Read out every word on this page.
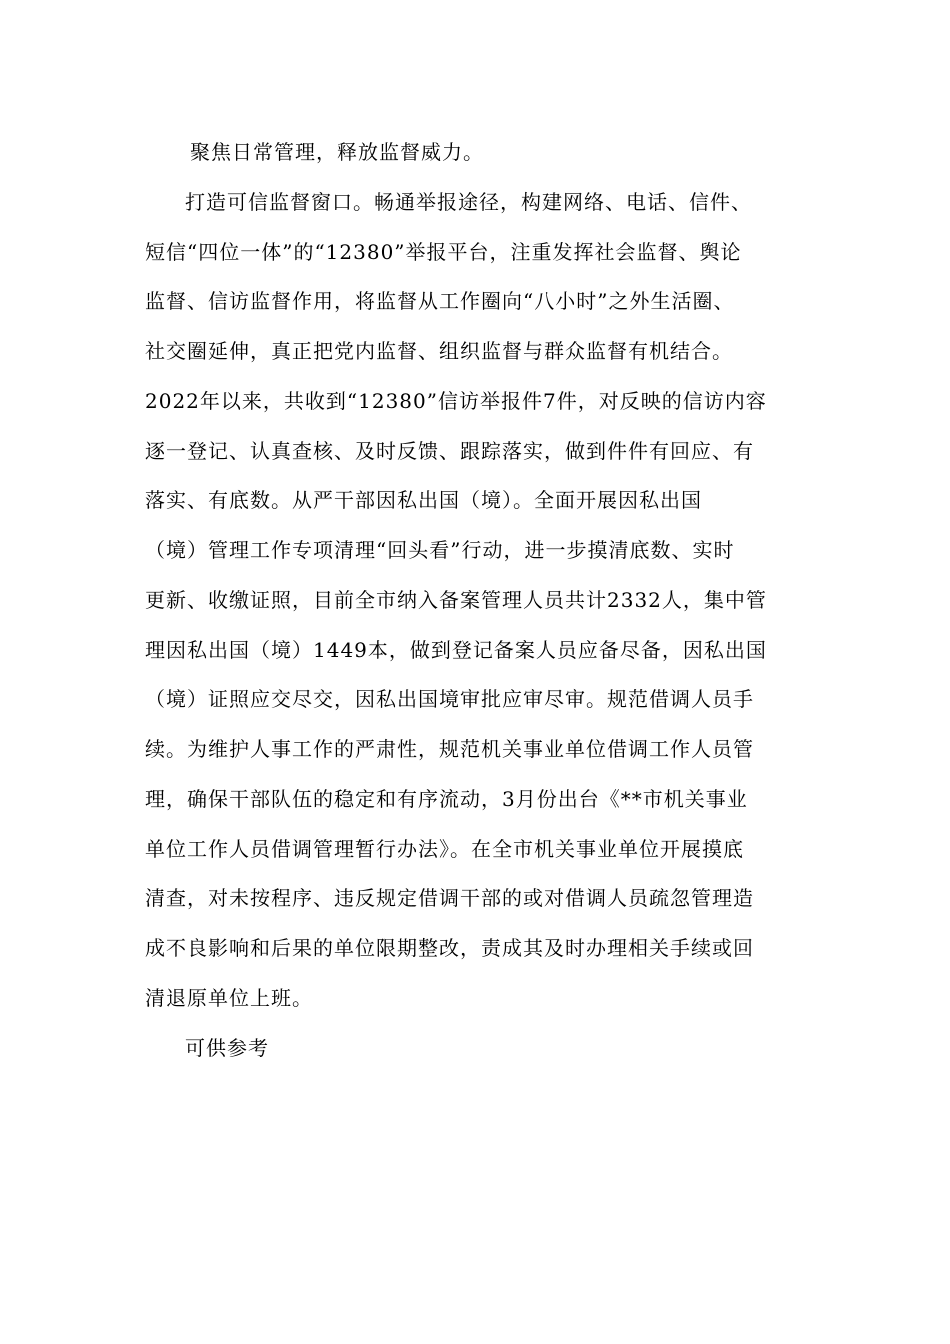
聚焦日常管理，释放监督威力。
打造可信监督窗口。畅通举报途径，构建网络、电话、信件、
短信“四位一体”的“12380”举报平台，注重发挥社会监督、舆论
监督、信访监督作用，将监督从工作圈向“八小时”之外生活圈、
社交圈延伸，真正把党内监督、组织监督与群众监督有机结合。
2022年以来，共收到“12380”信访举报件7件，对反映的信访内容
逐一登记、认真查核、及时反馈、跟踪落实，做到件件有回应、有
落实、有底数。从严干部因私出国（境）。全面开展因私出国
（境）管理工作专项清理“回头看”行动，进一步摸清底数、实时
更新、收缴证照，目前全市纳入备案管理人员共计2332人，集中管
理因私出国（境）1449本，做到登记备案人员应备尽备，因私出国
（境）证照应交尽交，因私出国境审批应审尽审。规范借调人员手
续。为维护人事工作的严肃性，规范机关事业单位借调工作人员管
理，确保干部队伍的稳定和有序流动，3月份出台《**市机关事业
单位工作人员借调管理暂行办法》。在全市机关事业单位开展摸底
清查，对未按程序、违反规定借调干部的或对借调人员疏忽管理造
成不良影响和后果的单位限期整改，责成其及时办理相关手续或回
清退原单位上班。
可供参考
